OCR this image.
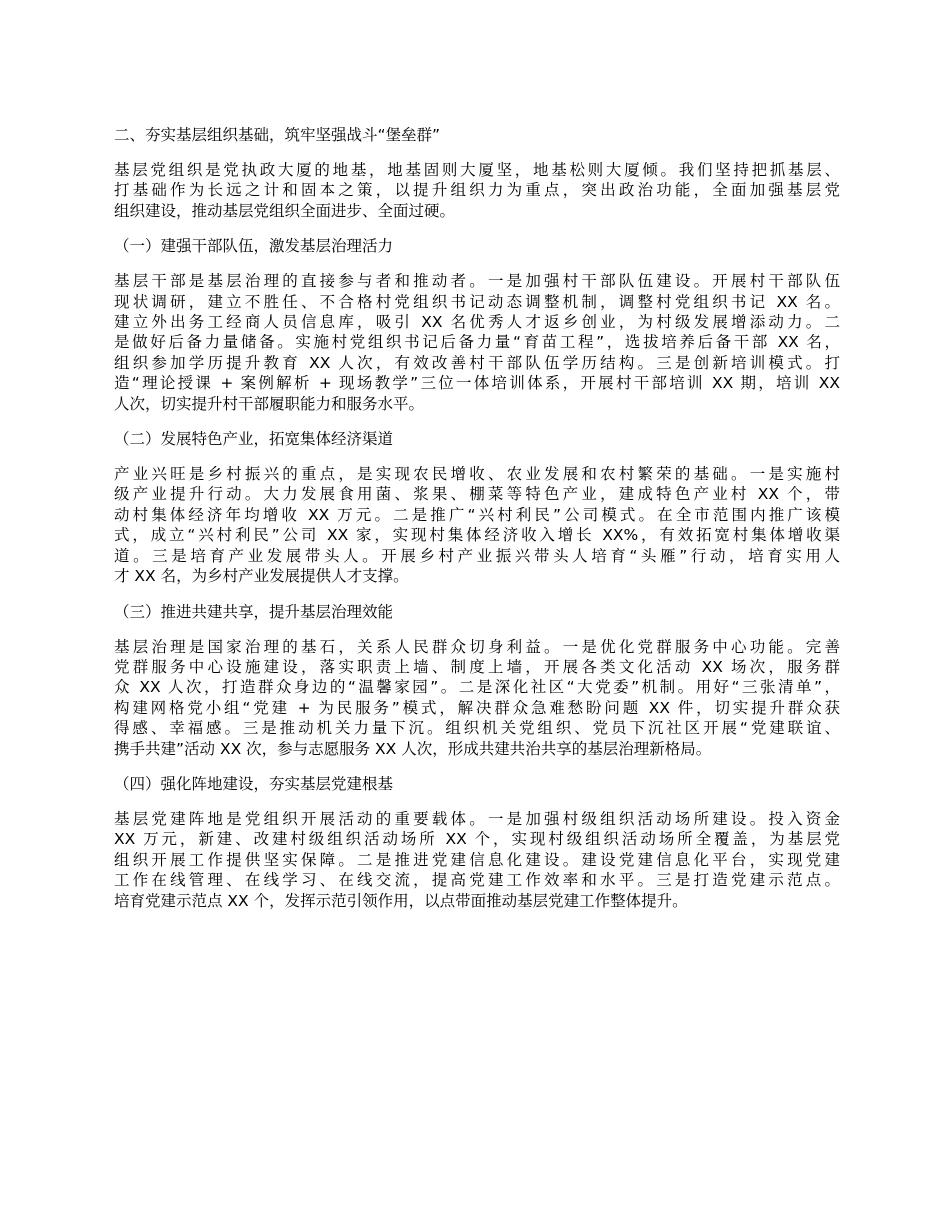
二、夯实基层组织基础，筑牢坚强战斗“堡垒群”
基层党组织是党执政大厦的地基，地基固则大厦坚，地基松则大厦倾。我们坚持把抓基层、
打基础作为长远之计和固本之策，以提升组织力为重点，突出政治功能，全面加强基层党
组织建设，推动基层党组织全面进步、全面过硬。
（一）建强干部队伍，激发基层治理活力
基层干部是基层治理的直接参与者和推动者。一是加强村干部队伍建设。开展村干部队伍
现状调研，建立不胜任、不合格村党组织书记动态调整机制，调整村党组织书记 XX 名。
建立外出务工经商人员信息库，吸引 XX 名优秀人才返乡创业，为村级发展增添动力。二
是做好后备力量储备。实施村党组织书记后备力量“育苗工程”，选拔培养后备干部 XX 名，
组织参加学历提升教育 XX 人次，有效改善村干部队伍学历结构。三是创新培训模式。打
造“理论授课 + 案例解析 + 现场教学”三位一体培训体系，开展村干部培训 XX 期，培训 XX
人次，切实提升村干部履职能力和服务水平。
（二）发展特色产业，拓宽集体经济渠道
产业兴旺是乡村振兴的重点，是实现农民增收、农业发展和农村繁荣的基础。一是实施村
级产业提升行动。大力发展食用菌、浆果、棚菜等特色产业，建成特色产业村 XX 个，带
动村集体经济年均增收 XX 万元。二是推广“兴村利民”公司模式。在全市范围内推广该模
式，成立“兴村利民”公司 XX 家，实现村集体经济收入增长 XX%，有效拓宽村集体增收渠
道。三是培育产业发展带头人。开展乡村产业振兴带头人培育“头雁”行动，培育实用人
才 XX 名，为乡村产业发展提供人才支撑。
（三）推进共建共享，提升基层治理效能
基层治理是国家治理的基石，关系人民群众切身利益。一是优化党群服务中心功能。完善
党群服务中心设施建设，落实职责上墙、制度上墙，开展各类文化活动 XX 场次，服务群
众 XX 人次，打造群众身边的“温馨家园”。二是深化社区“大党委”机制。用好“三张清单”，
构建网格党小组“党建 + 为民服务”模式，解决群众急难愁盼问题 XX 件，切实提升群众获
得感、幸福感。三是推动机关力量下沉。组织机关党组织、党员下沉社区开展“党建联谊、
携手共建”活动 XX 次，参与志愿服务 XX 人次，形成共建共治共享的基层治理新格局。
（四）强化阵地建设，夯实基层党建根基
基层党建阵地是党组织开展活动的重要载体。一是加强村级组织活动场所建设。投入资金
XX 万元，新建、改建村级组织活动场所 XX 个，实现村级组织活动场所全覆盖，为基层党
组织开展工作提供坚实保障。二是推进党建信息化建设。建设党建信息化平台，实现党建
工作在线管理、在线学习、在线交流，提高党建工作效率和水平。三是打造党建示范点。
培育党建示范点 XX 个，发挥示范引领作用，以点带面推动基层党建工作整体提升。
